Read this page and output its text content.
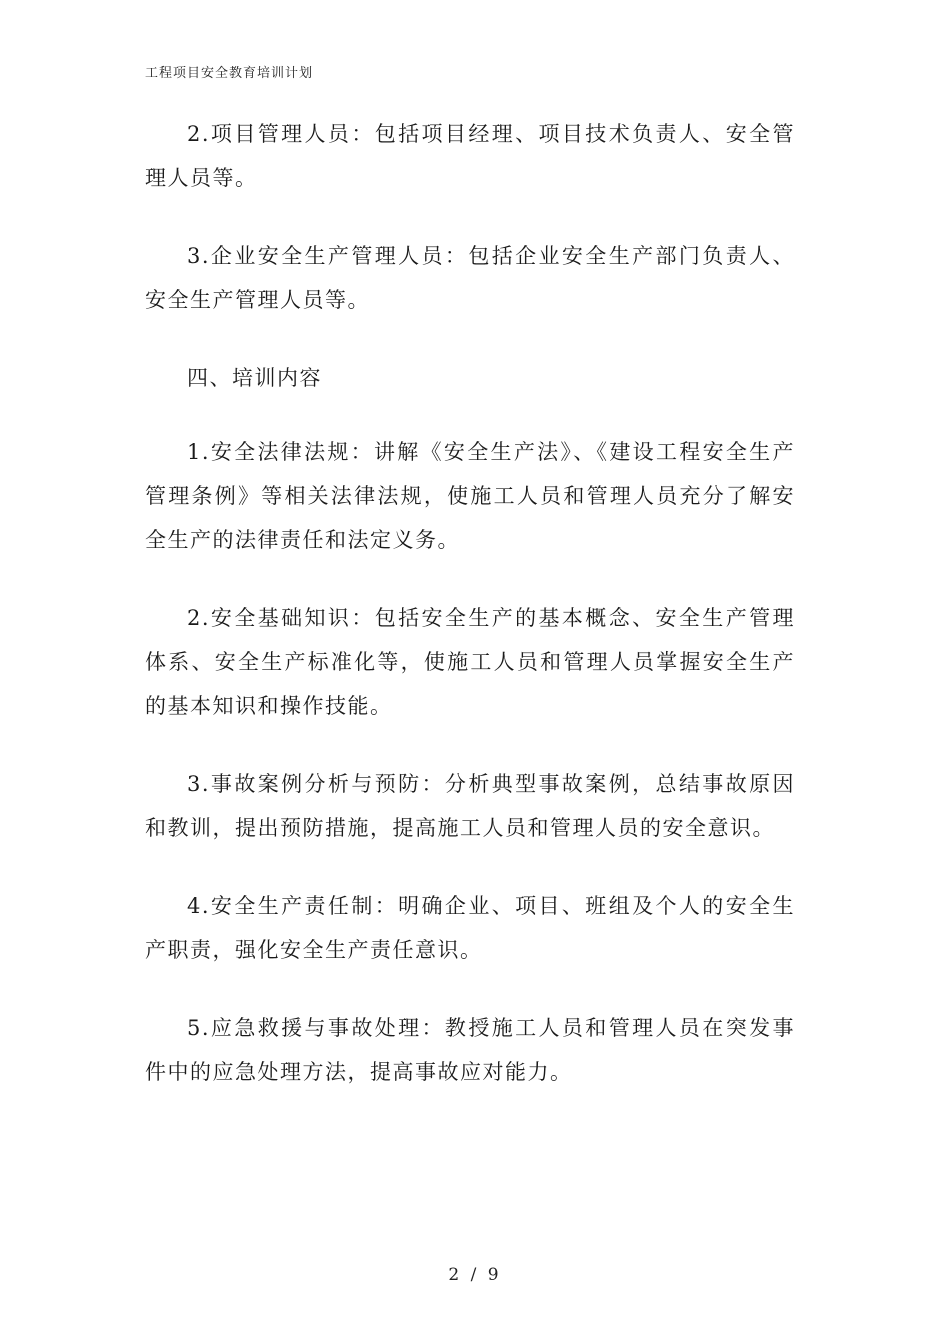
工程项目安全教育培训计划

2.项目管理人员：包括项目经理、项目技术负责人、安全管理人员等。

3.企业安全生产管理人员：包括企业安全生产部门负责人、安全生产管理人员等。

四、培训内容

1.安全法律法规：讲解《安全生产法》、《建设工程安全生产管理条例》等相关法律法规，使施工人员和管理人员充分了解安全生产的法律责任和法定义务。

2.安全基础知识：包括安全生产的基本概念、安全生产管理体系、安全生产标准化等，使施工人员和管理人员掌握安全生产的基本知识和操作技能。

3.事故案例分析与预防：分析典型事故案例，总结事故原因和教训，提出预防措施，提高施工人员和管理人员的安全意识。

4.安全生产责任制：明确企业、项目、班组及个人的安全生产职责，强化安全生产责任意识。

5.应急救援与事故处理：教授施工人员和管理人员在突发事件中的应急处理方法，提高事故应对能力。

2 / 9
